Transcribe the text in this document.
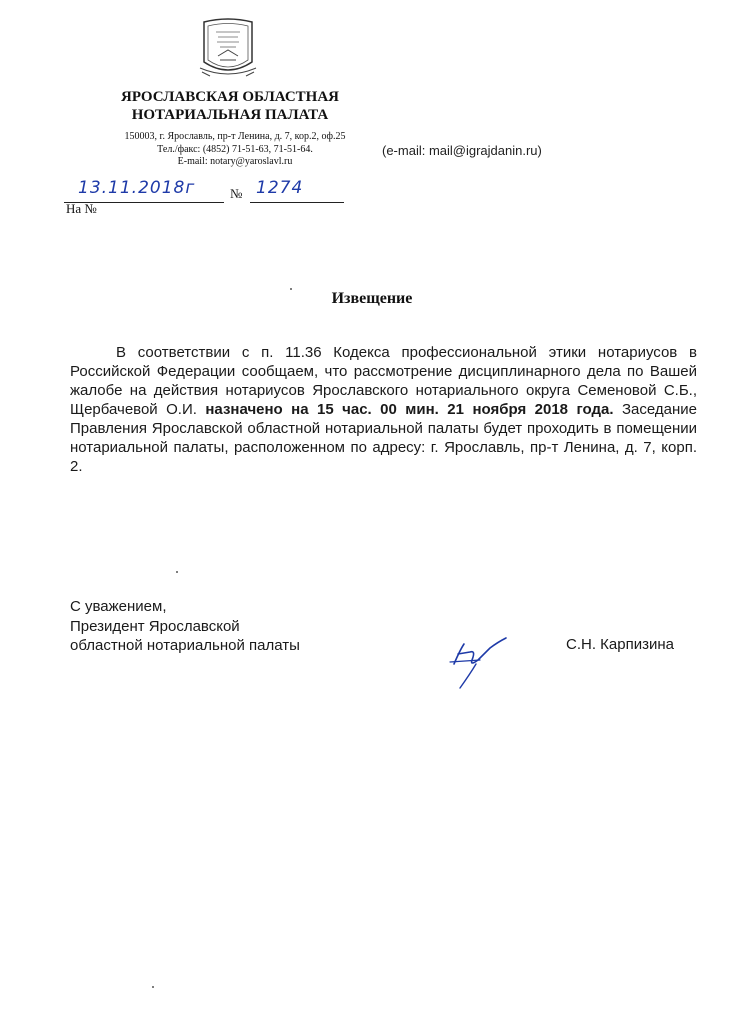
ЯРОСЛАВСКАЯ ОБЛАСТНАЯ
НОТАРИАЛЬНАЯ ПАЛАТА
150003, г. Ярославль, пр-т Ленина, д. 7, кор.2, оф.25
Тел./факс: (4852) 71-51-63, 71-51-64.
E-mail: notary@yaroslavl.ru
(e-mail: mail@igrajdanin.ru)
13.11.2018г	№ 1274
На №
Извещение
В соответствии с п. 11.36 Кодекса профессиональной этики нотариусов в Российской Федерации сообщаем, что рассмотрение дисциплинарного дела по Вашей жалобе на действия нотариусов Ярославского нотариального округа Семеновой С.Б., Щербачевой О.И. назначено на 15 час. 00 мин. 21 ноября 2018 года. Заседание Правления Ярославской областной нотариальной палаты будет проходить в помещении нотариальной палаты, расположенном по адресу: г. Ярославль, пр-т Ленина, д. 7, корп. 2.
С уважением,
Президент Ярославской
областной нотариальной палаты	С.Н. Карпизина
